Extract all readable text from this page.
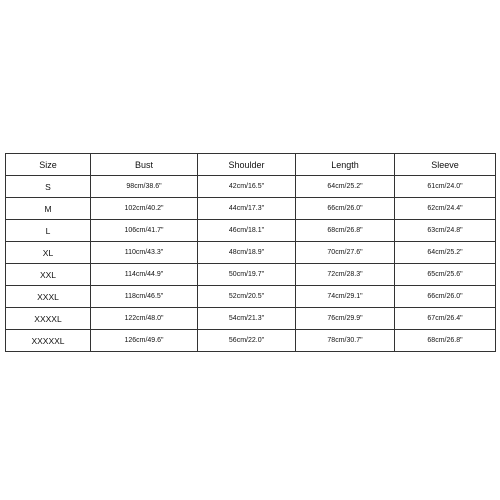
Size	Bust	Shoulder	Length	Sleeve
S	98cm/38.6"	42cm/16.5"	64cm/25.2"	61cm/24.0"
M	102cm/40.2"	44cm/17.3"	66cm/26.0"	62cm/24.4"
L	106cm/41.7"	46cm/18.1"	68cm/26.8"	63cm/24.8"
XL	110cm/43.3"	48cm/18.9"	70cm/27.6"	64cm/25.2"
XXL	114cm/44.9"	50cm/19.7"	72cm/28.3"	65cm/25.6"
XXXL	118cm/46.5"	52cm/20.5"	74cm/29.1"	66cm/26.0"
XXXXL	122cm/48.0"	54cm/21.3"	76cm/29.9"	67cm/26.4"
XXXXXL	126cm/49.6"	56cm/22.0"	78cm/30.7"	68cm/26.8"
